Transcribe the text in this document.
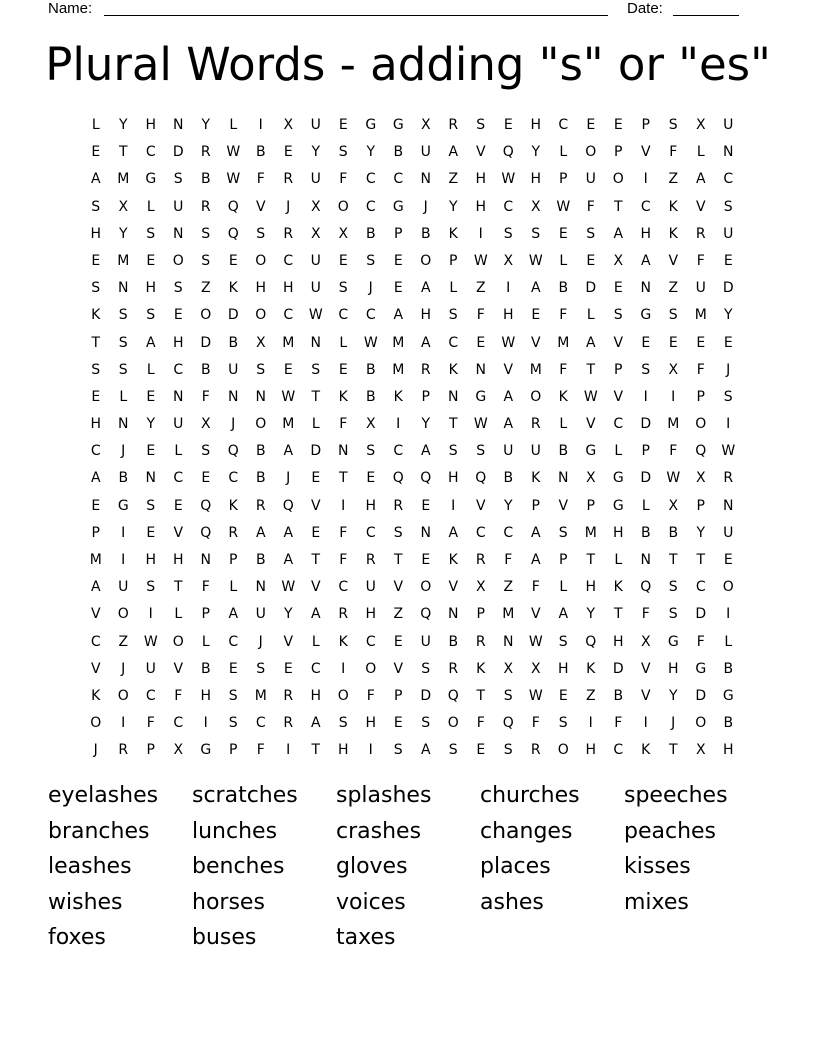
Name:	Date:
Plural Words - adding "s" or "es"
L	Y	H	N	Y	L	I	X	U	E	G	G	X	R	S	E	H	C	E	E	P	S	X	U
E	T	C	D	R	W	B	E	Y	S	Y	B	U	A	V	Q	Y	L	O	P	V	F	L	N
A	M	G	S	B	W	F	R	U	F	C	C	N	Z	H	W	H	P	U	O	I	Z	A	C
S	X	L	U	R	Q	V	J	X	O	C	G	J	Y	H	C	X	W	F	T	C	K	V	S
H	Y	S	N	S	Q	S	R	X	X	B	P	B	K	I	S	S	E	S	A	H	K	R	U
E	M	E	O	S	E	O	C	U	E	S	E	O	P	W	X	W	L	E	X	A	V	F	E
S	N	H	S	Z	K	H	H	U	S	J	E	A	L	Z	I	A	B	D	E	N	Z	U	D
K	S	S	E	O	D	O	C	W	C	C	A	H	S	F	H	E	F	L	S	G	S	M	Y
T	S	A	H	D	B	X	M	N	L	W	M	A	C	E	W	V	M	A	V	E	E	E	E
S	S	L	C	B	U	S	E	S	E	B	M	R	K	N	V	M	F	T	P	S	X	F	J
E	L	E	N	F	N	N	W	T	K	B	K	P	N	G	A	O	K	W	V	I	I	P	S
H	N	Y	U	X	J	O	M	L	F	X	I	Y	T	W	A	R	L	V	C	D	M	O	I
C	J	E	L	S	Q	B	A	D	N	S	C	A	S	S	U	U	B	G	L	P	F	Q	W
A	B	N	C	E	C	B	J	E	T	E	Q	Q	H	Q	B	K	N	X	G	D	W	X	R
E	G	S	E	Q	K	R	Q	V	I	H	R	E	I	V	Y	P	V	P	G	L	X	P	N
P	I	E	V	Q	R	A	A	E	F	C	S	N	A	C	C	A	S	M	H	B	B	Y	U
M	I	H	H	N	P	B	A	T	F	R	T	E	K	R	F	A	P	T	L	N	T	T	E
A	U	S	T	F	L	N	W	V	C	U	V	O	V	X	Z	F	L	H	K	Q	S	C	O
V	O	I	L	P	A	U	Y	A	R	H	Z	Q	N	P	M	V	A	Y	T	F	S	D	I
C	Z	W	O	L	C	J	V	L	K	C	E	U	B	R	N	W	S	Q	H	X	G	F	L
V	J	U	V	B	E	S	E	C	I	O	V	S	R	K	X	X	H	K	D	V	H	G	B
K	O	C	F	H	S	M	R	H	O	F	P	D	Q	T	S	W	E	Z	B	V	Y	D	G
O	I	F	C	I	S	C	R	A	S	H	E	S	O	F	Q	F	S	I	F	I	J	O	B
J	R	P	X	G	P	F	I	T	H	I	S	A	S	E	S	R	O	H	C	K	T	X	H
eyelashes	scratches	splashes	churches	speeches
branches	lunches	crashes	changes	peaches
leashes	benches	gloves	places	kisses
wishes	horses	voices	ashes	mixes
foxes	buses	taxes
